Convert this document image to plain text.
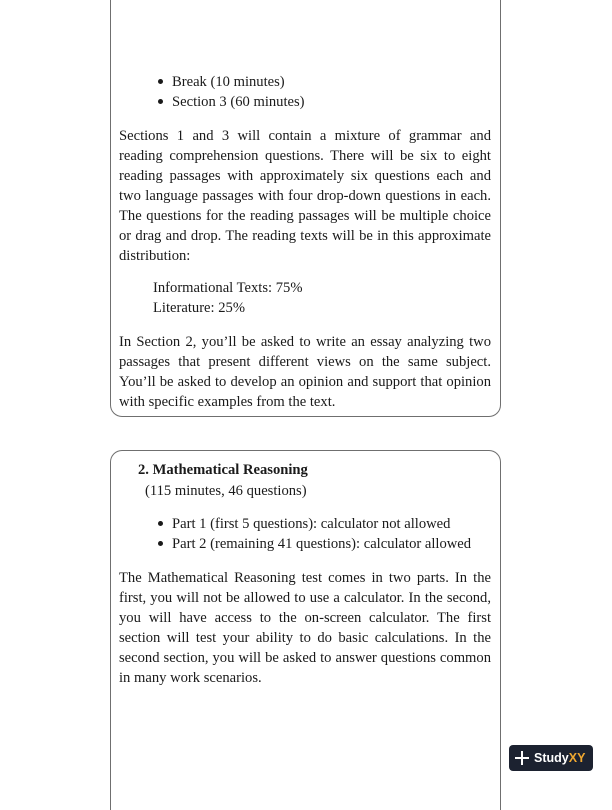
Break (10 minutes)
Section 3 (60 minutes)

Sections 1 and 3 will contain a mixture of grammar and reading comprehension questions. There will be six to eight reading passages with approximately six questions each and two language passages with four drop-down questions in each. The questions for the reading passages will be multiple choice or drag and drop. The reading texts will be in this approximate distribution:

Informational Texts: 75%
Literature: 25%

In Section 2, you’ll be asked to write an essay analyzing two passages that present different views on the same subject. You’ll be asked to develop an opinion and support that opinion with specific examples from the text.

2. Mathematical Reasoning
(115 minutes, 46 questions)
Part 1 (first 5 questions): calculator not allowed
Part 2 (remaining 41 questions): calculator allowed

The Mathematical Reasoning test comes in two parts. In the first, you will not be allowed to use a calculator. In the second, you will have access to the on-screen calculator. The first section will test your ability to do basic calculations. In the second section, you will be asked to answer questions common in many work scenarios.

Study XY
